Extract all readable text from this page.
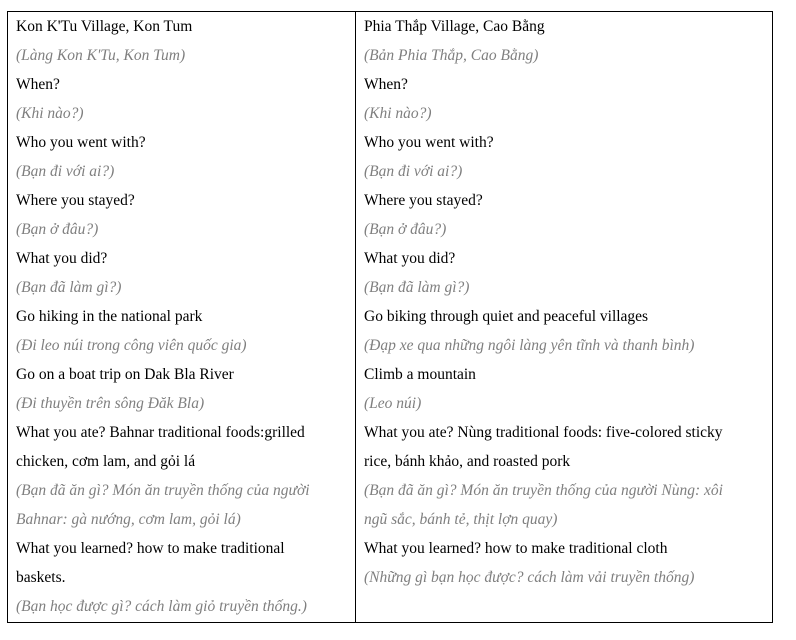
Kon K'Tu Village, Kon Tum
(Làng Kon K'Tu, Kon Tum)
When?
(Khi nào?)
Who you went with?
(Bạn đi với ai?)
Where you stayed?
(Bạn ở đâu?)
What you did?
(Bạn đã làm gì?)
Go hiking in the national park
(Đi leo núi trong công viên quốc gia)
Go on a boat trip on Dak Bla River
(Đi thuyền trên sông Đăk Bla)
What you ate? Bahnar traditional foods:grilled
chicken, cơm lam, and gỏi lá
(Bạn đã ăn gì? Món ăn truyền thống của người
Bahnar: gà nướng, cơm lam, gỏi lá)
What you learned? how to make traditional
baskets.
(Bạn học được gì? cách làm giỏ truyền thống.)
Phia Thắp Village, Cao Bằng
(Bản Phia Thắp, Cao Bằng)
When?
(Khi nào?)
Who you went with?
(Bạn đi với ai?)
Where you stayed?
(Bạn ở đâu?)
What you did?
(Bạn đã làm gì?)
Go biking through quiet and peaceful villages
(Đạp xe qua những ngôi làng yên tĩnh và thanh bình)
Climb a mountain
(Leo núi)
What you ate? Nùng traditional foods: five-colored sticky
rice, bánh khảo, and roasted pork
(Bạn đã ăn gì? Món ăn truyền thống của người Nùng: xôi
ngũ sắc, bánh tẻ, thịt lợn quay)
What you learned? how to make traditional cloth
(Những gì bạn học được? cách làm vải truyền thống)
